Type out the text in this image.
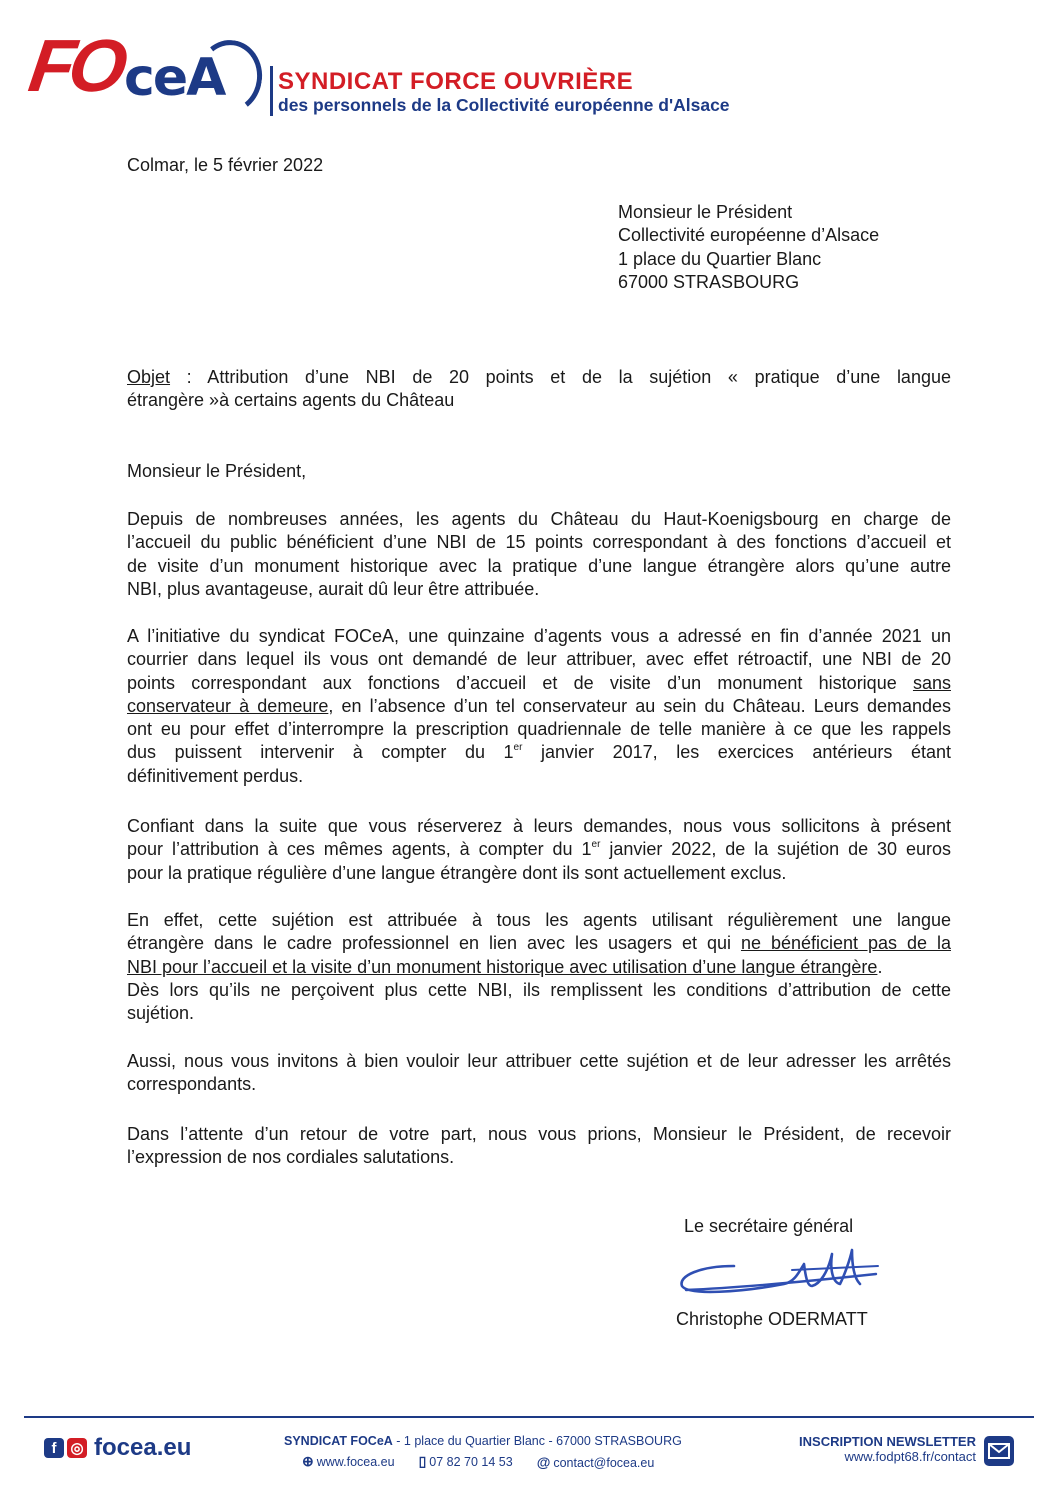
FO
ceA SYNDICAT FORCE OUVRIÈRE
des personnels de la Collectivité européenne d'Alsace
Colmar, le 5 février 2022
Monsieur le Président
Collectivité européenne d’Alsace
1 place du Quartier Blanc
67000 STRASBOURG
Objet : Attribution d’une NBI de 20 points et de la sujétion « pratique d’une langue
étrangère »à certains agents du Château
Monsieur le Président,
Depuis de nombreuses années, les agents du Château du Haut-Koenigsbourg en charge de
l’accueil du public bénéficient d’une NBI de 15 points correspondant à des fonctions d’accueil et
de visite d’un monument historique avec la pratique d’une langue étrangère alors qu’une autre
NBI, plus avantageuse, aurait dû leur être attribuée.
A l’initiative du syndicat FOCeA, une quinzaine d’agents vous a adressé en fin d’année 2021 un
courrier dans lequel ils vous ont demandé de leur attribuer, avec effet rétroactif, une NBI de 20
points correspondant aux fonctions d’accueil et de visite d’un monument historique sans
conservateur à demeure, en l’absence d’un tel conservateur au sein du Château. Leurs demandes
ont eu pour effet d’interrompre la prescription quadriennale de telle manière à ce que les rappels
dus puissent intervenir à compter du 1er janvier 2017, les exercices antérieurs étant
définitivement perdus.
Confiant dans la suite que vous réserverez à leurs demandes, nous vous sollicitons à présent
pour l’attribution à ces mêmes agents, à compter du 1er janvier 2022, de la sujétion de 30 euros
pour la pratique régulière d’une langue étrangère dont ils sont actuellement exclus.
En effet, cette sujétion est attribuée à tous les agents utilisant régulièrement une langue
étrangère dans le cadre professionnel en lien avec les usagers et qui ne bénéficient pas de la
NBI pour l’accueil et la visite d’un monument historique avec utilisation d’une langue étrangère.
Dès lors qu’ils ne perçoivent plus cette NBI, ils remplissent les conditions d’attribution de cette
sujétion.
Aussi, nous vous invitons à bien vouloir leur attribuer cette sujétion et de leur adresser les arrêtés
correspondants.
Dans l’attente d’un retour de votre part, nous vous prions, Monsieur le Président, de recevoir
l’expression de nos cordiales salutations.
Le secrétaire général
Christophe ODERMATT
f ◎ focea.eu	SYNDICAT FOCeA - 1 place du Quartier Blanc - 67000 STRASBOURG
⊕ www.focea.eu ▯ 07 82 70 14 53 @ contact@focea.eu
INSCRIPTION NEWSLETTER
www.fodpt68.fr/contact
